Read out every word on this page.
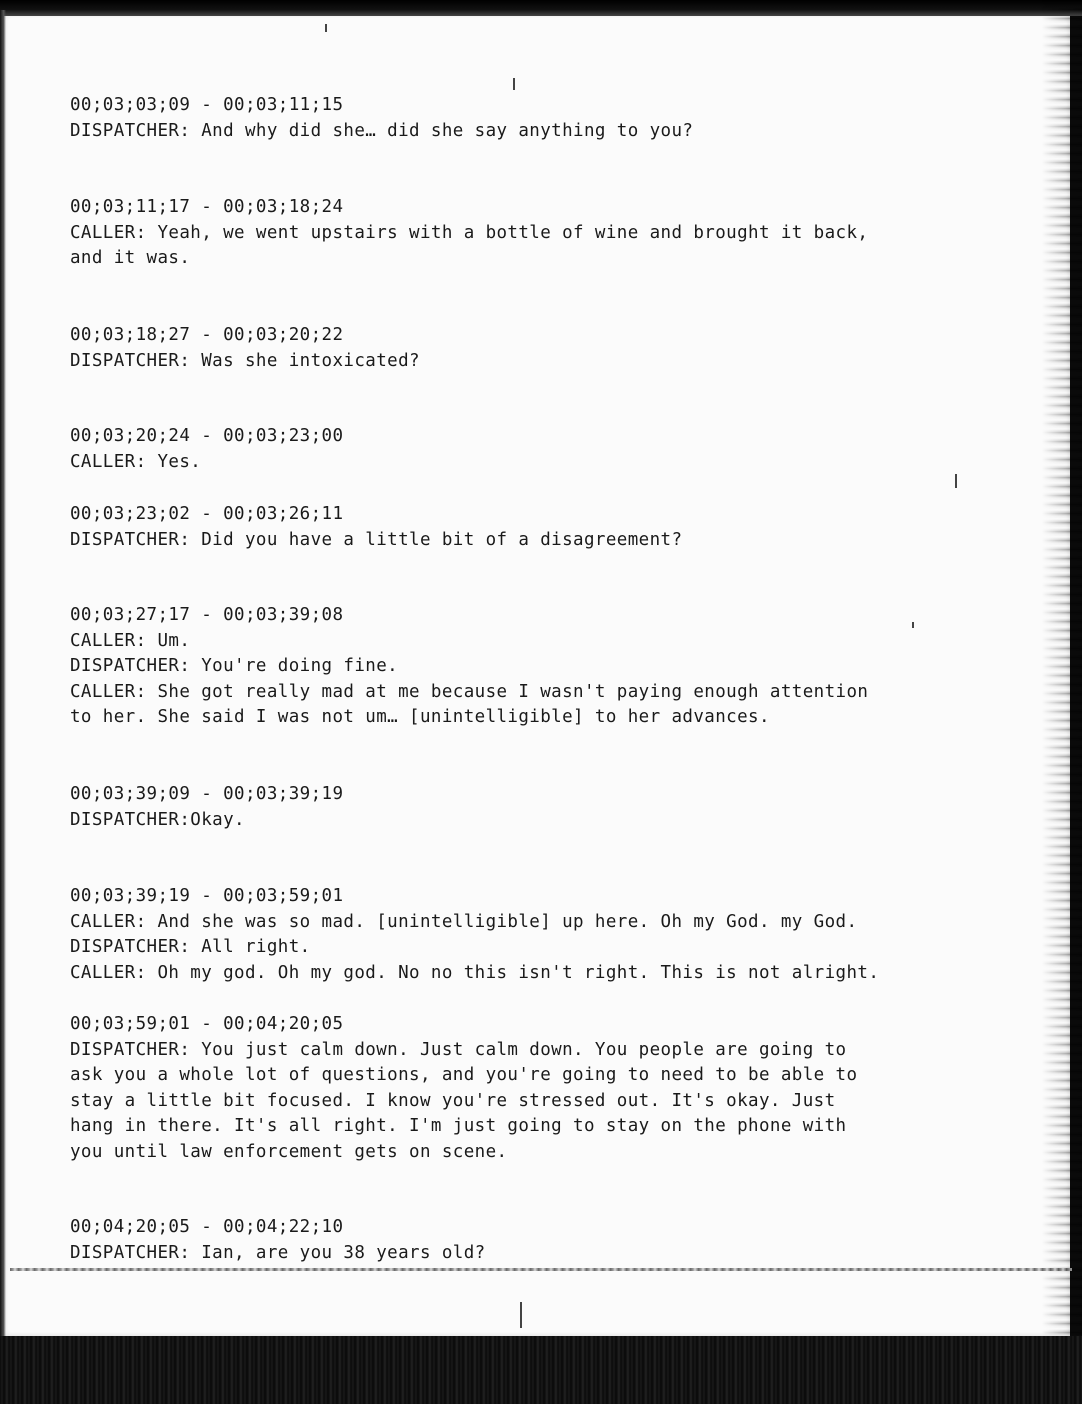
00;03;03;09 - 00;03;11;15
DISPATCHER: And why did she… did she say anything to you?
00;03;11;17 - 00;03;18;24
CALLER: Yeah, we went upstairs with a bottle of wine and brought it back,
and it was.
00;03;18;27 - 00;03;20;22
DISPATCHER: Was she intoxicated?
00;03;20;24 - 00;03;23;00
CALLER: Yes.
00;03;23;02 - 00;03;26;11
DISPATCHER: Did you have a little bit of a disagreement?
00;03;27;17 - 00;03;39;08
CALLER: Um.
DISPATCHER: You're doing fine.
CALLER: She got really mad at me because I wasn't paying enough attention
to her. She said I was not um… [unintelligible] to her advances.
00;03;39;09 - 00;03;39;19
DISPATCHER:Okay.
00;03;39;19 - 00;03;59;01
CALLER: And she was so mad. [unintelligible] up here. Oh my God. my God.
DISPATCHER: All right.
CALLER: Oh my god. Oh my god. No no this isn't right. This is not alright.
00;03;59;01 - 00;04;20;05
DISPATCHER: You just calm down. Just calm down. You people are going to
ask you a whole lot of questions, and you're going to need to be able to
stay a little bit focused. I know you're stressed out. It's okay. Just
hang in there. It's all right. I'm just going to stay on the phone with
you until law enforcement gets on scene.
00;04;20;05 - 00;04;22;10
DISPATCHER: Ian, are you 38 years old?
